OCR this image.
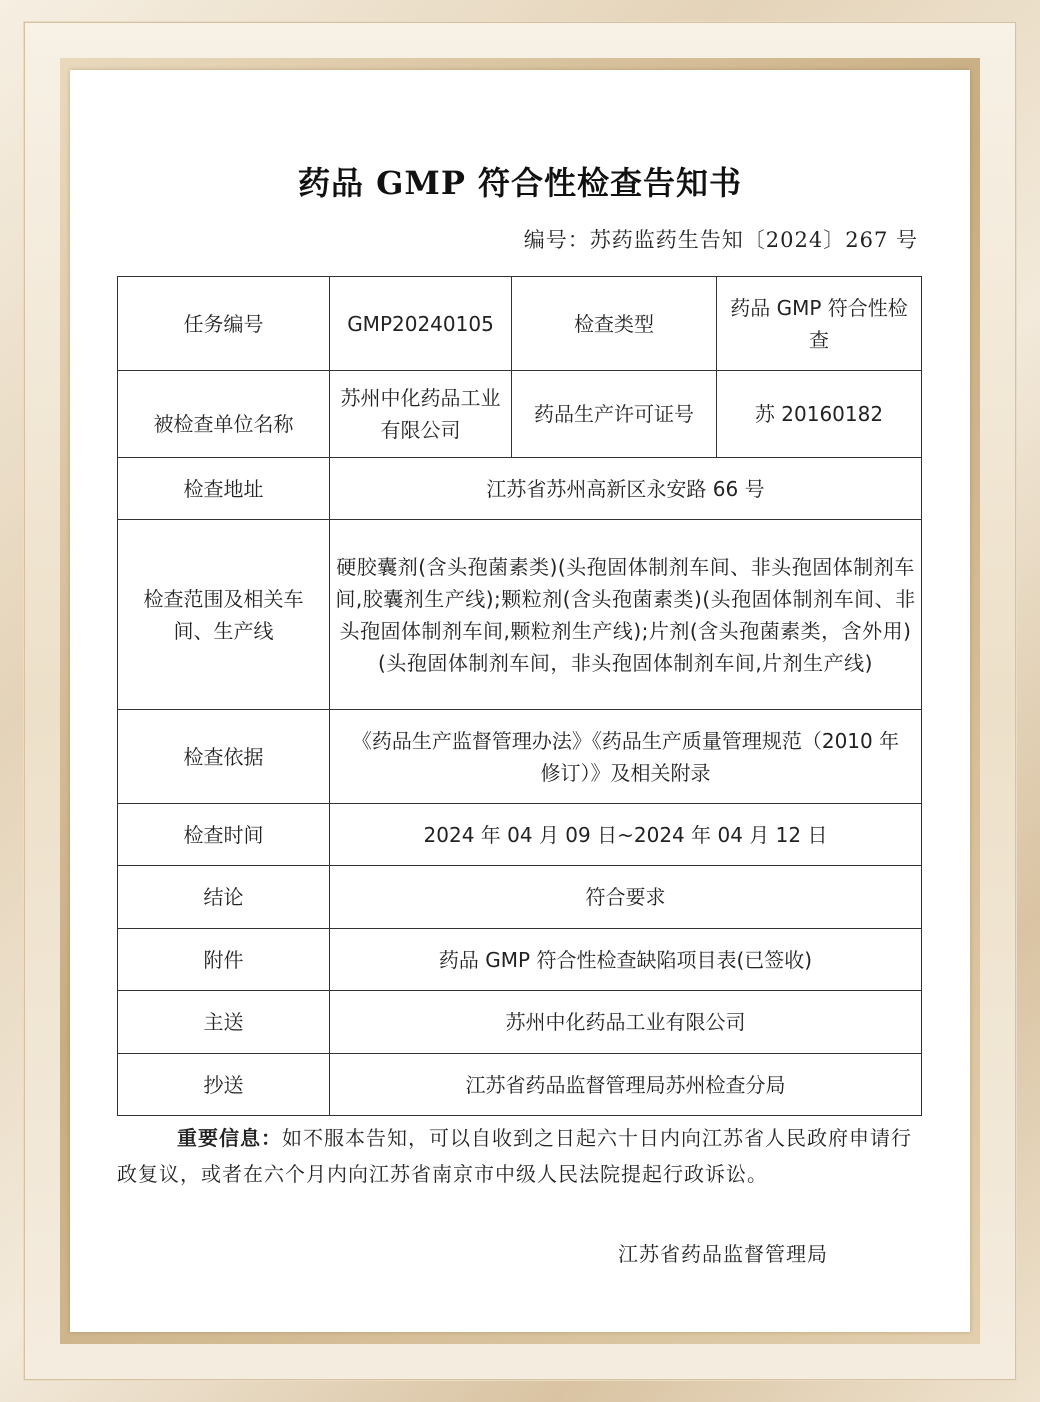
药品 GMP 符合性检查告知书
编号：苏药监药生告知〔2024〕267 号
任务编号	GMP20240105	检查类型	药品 GMP 符合性检查
被检查单位名称	苏州中化药品工业有限公司	药品生产许可证号	苏 20160182
检查地址	江苏省苏州高新区永安路 66 号		
检查范围及相关车间、生产线	硬胶囊剂(含头孢菌素类)(头孢固体制剂车间、非头孢固体制剂车间,胶囊剂生产线);颗粒剂(含头孢菌素类)(头孢固体制剂车间、非头孢固体制剂车间,颗粒剂生产线);片剂(含头孢菌素类，含外用)(头孢固体制剂车间，非头孢固体制剂车间,片剂生产线)		
检查依据	《药品生产监督管理办法》《药品生产质量管理规范（2010 年修订）》及相关附录		
检查时间	2024 年 04 月 09 日~2024 年 04 月 12 日		
结论	符合要求		
附件	药品 GMP 符合性检查缺陷项目表(已签收)		
主送	苏州中化药品工业有限公司		
抄送	江苏省药品监督管理局苏州检查分局		
重要信息：如不服本告知，可以自收到之日起六十日内向江苏省人民政府申请行政复议，或者在六个月内向江苏省南京市中级人民法院提起行政诉讼。
江苏省药品监督管理局
